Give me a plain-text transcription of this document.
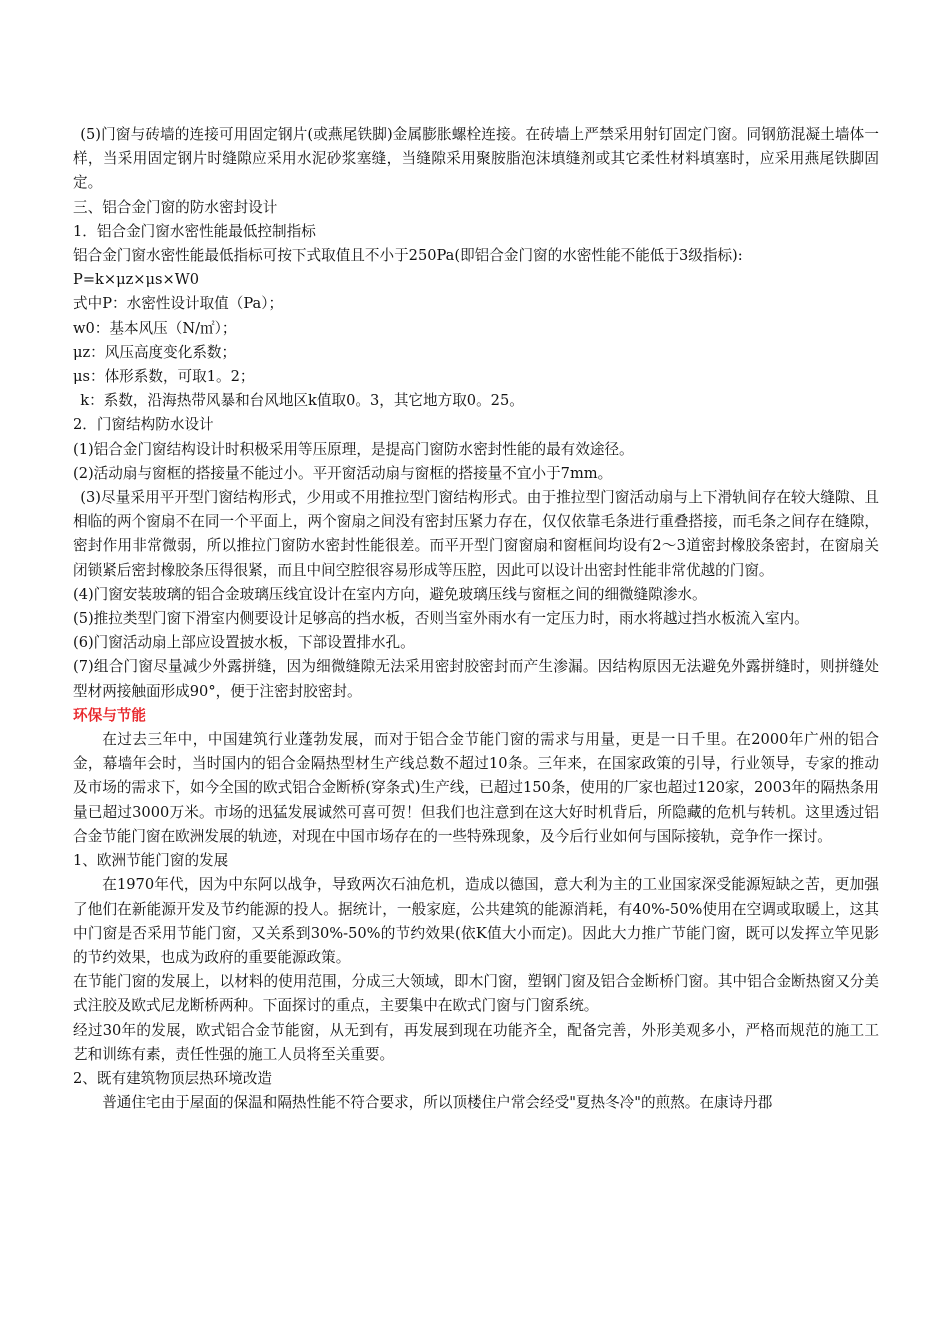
(5)门窗与砖墙的连接可用固定钢片(或燕尾铁脚)金属膨胀螺栓连接。在砖墙上严禁采用射钉固定门窗。同钢筋混凝土墙体一样，当采用固定钢片时缝隙应采用水泥砂浆塞缝，当缝隙采用聚胺脂泡沫填缝剂或其它柔性材料填塞时，应采用燕尾铁脚固定。

三、铝合金门窗的防水密封设计

1．铝合金门窗水密性能最低控制指标

铝合金门窗水密性能最低指标可按下式取值且不小于250Pa(即铝合金门窗的水密性能不能低于3级指标):

P=k×μz×μs×W0

式中P：水密性设计取值（Pa）；

w0：基本风压（N/㎡）；

μz：风压高度变化系数；

μs：体形系数，可取1。2；

k：系数，沿海热带风暴和台风地区k值取0。3，其它地方取0。25。

2．门窗结构防水设计

(1)铝合金门窗结构设计时积极采用等压原理，是提高门窗防水密封性能的最有效途径。

(2)活动扇与窗框的搭接量不能过小。平开窗活动扇与窗框的搭接量不宜小于7mm。

(3)尽量采用平开型门窗结构形式，少用或不用推拉型门窗结构形式。由于推拉型门窗活动扇与上下滑轨间存在较大缝隙、且相临的两个窗扇不在同一个平面上，两个窗扇之间没有密封压紧力存在，仅仅依靠毛条进行重叠搭接，而毛条之间存在缝隙，密封作用非常微弱，所以推拉门窗防水密封性能很差。而平开型门窗窗扇和窗框间均设有2～3道密封橡胶条密封，在窗扇关闭锁紧后密封橡胶条压得很紧，而且中间空腔很容易形成等压腔，因此可以设计出密封性能非常优越的门窗。

(4)门窗安装玻璃的铝合金玻璃压线宜设计在室内方向，避免玻璃压线与窗框之间的细微缝隙渗水。

(5)推拉类型门窗下滑室内侧要设计足够高的挡水板，否则当室外雨水有一定压力时，雨水将越过挡水板流入室内。

(6)门窗活动扇上部应设置披水板，下部设置排水孔。

(7)组合门窗尽量减少外露拼缝，因为细微缝隙无法采用密封胶密封而产生渗漏。因结构原因无法避免外露拼缝时，则拼缝处型材两接触面形成90°，便于注密封胶密封。

环保与节能

在过去三年中，中国建筑行业蓬勃发展，而对于铝合金节能门窗的需求与用量，更是一日千里。在2000年广州的铝合金，幕墙年会时，当时国内的铝合金隔热型材生产线总数不超过10条。三年来，在国家政策的引导，行业领导，专家的推动及市场的需求下，如今全国的欧式铝合金断桥(穿条式)生产线，已超过150条，使用的厂家也超过120家，2003年的隔热条用量已超过3000万米。市场的迅猛发展诚然可喜可贺！但我们也注意到在这大好时机背后，所隐藏的危机与转机。这里透过铝合金节能门窗在欧洲发展的轨迹，对现在中国市场存在的一些特殊现象，及今后行业如何与国际接轨，竞争作一探讨。

1、欧洲节能门窗的发展

在1970年代，因为中东阿以战争，导致两次石油危机，造成以德国，意大利为主的工业国家深受能源短缺之苦，更加强了他们在新能源开发及节约能源的投人。据统计，一般家庭，公共建筑的能源消耗，有40%-50%使用在空调或取暖上，这其中门窗是否采用节能门窗，又关系到30%-50%的节约效果(依K值大小而定)。因此大力推广节能门窗，既可以发挥立竿见影的节约效果，也成为政府的重要能源政策。

在节能门窗的发展上，以材料的使用范围，分成三大领域，即木门窗，塑钢门窗及铝合金断桥门窗。其中铝合金断热窗又分美式注胶及欧式尼龙断桥两种。下面探讨的重点，主要集中在欧式门窗与门窗系统。

经过30年的发展，欧式铝合金节能窗，从无到有，再发展到现在功能齐全，配备完善，外形美观多小，严格而规范的施工工艺和训练有素，责任性强的施工人员将至关重要。

2、既有建筑物顶层热环境改造

普通住宅由于屋面的保温和隔热性能不符合要求，所以顶楼住户常会经受"夏热冬冷"的煎熬。在康诗丹郡
